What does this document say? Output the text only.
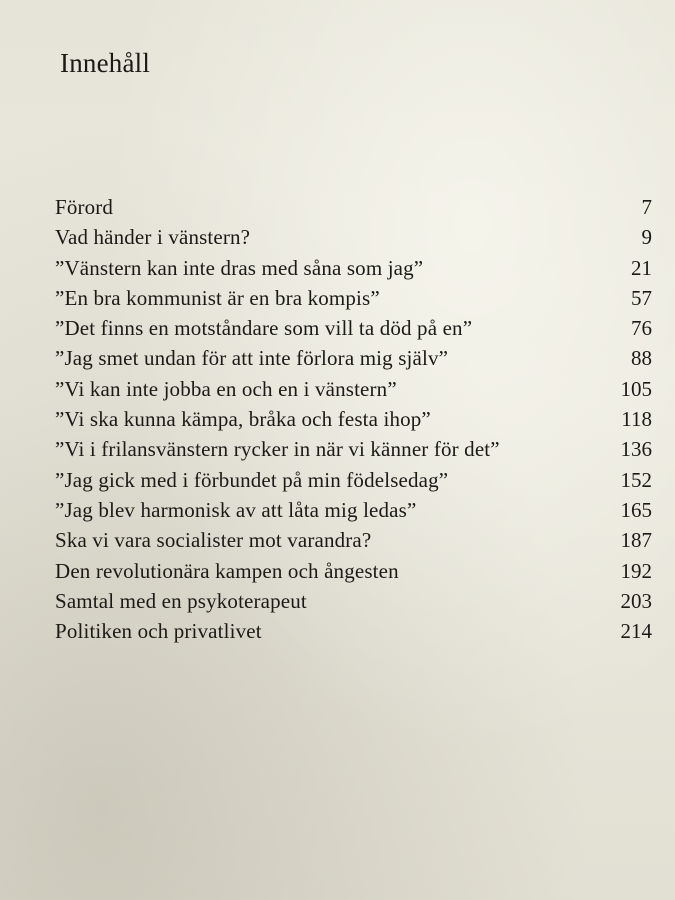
Innehåll
Förord	7
Vad händer i vänstern?	9
”Vänstern kan inte dras med såna som jag”	21
”En bra kommunist är en bra kompis”	57
”Det finns en motståndare som vill ta död på en”	76
”Jag smet undan för att inte förlora mig själv”	88
”Vi kan inte jobba en och en i vänstern”	105
”Vi ska kunna kämpa, bråka och festa ihop”	118
”Vi i frilansvänstern rycker in när vi känner för det”	136
”Jag gick med i förbundet på min födelsedag”	152
”Jag blev harmonisk av att låta mig ledas”	165
Ska vi vara socialister mot varandra?	187
Den revolutionära kampen och ångesten	192
Samtal med en psykoterapeut	203
Politiken och privatlivet	214
